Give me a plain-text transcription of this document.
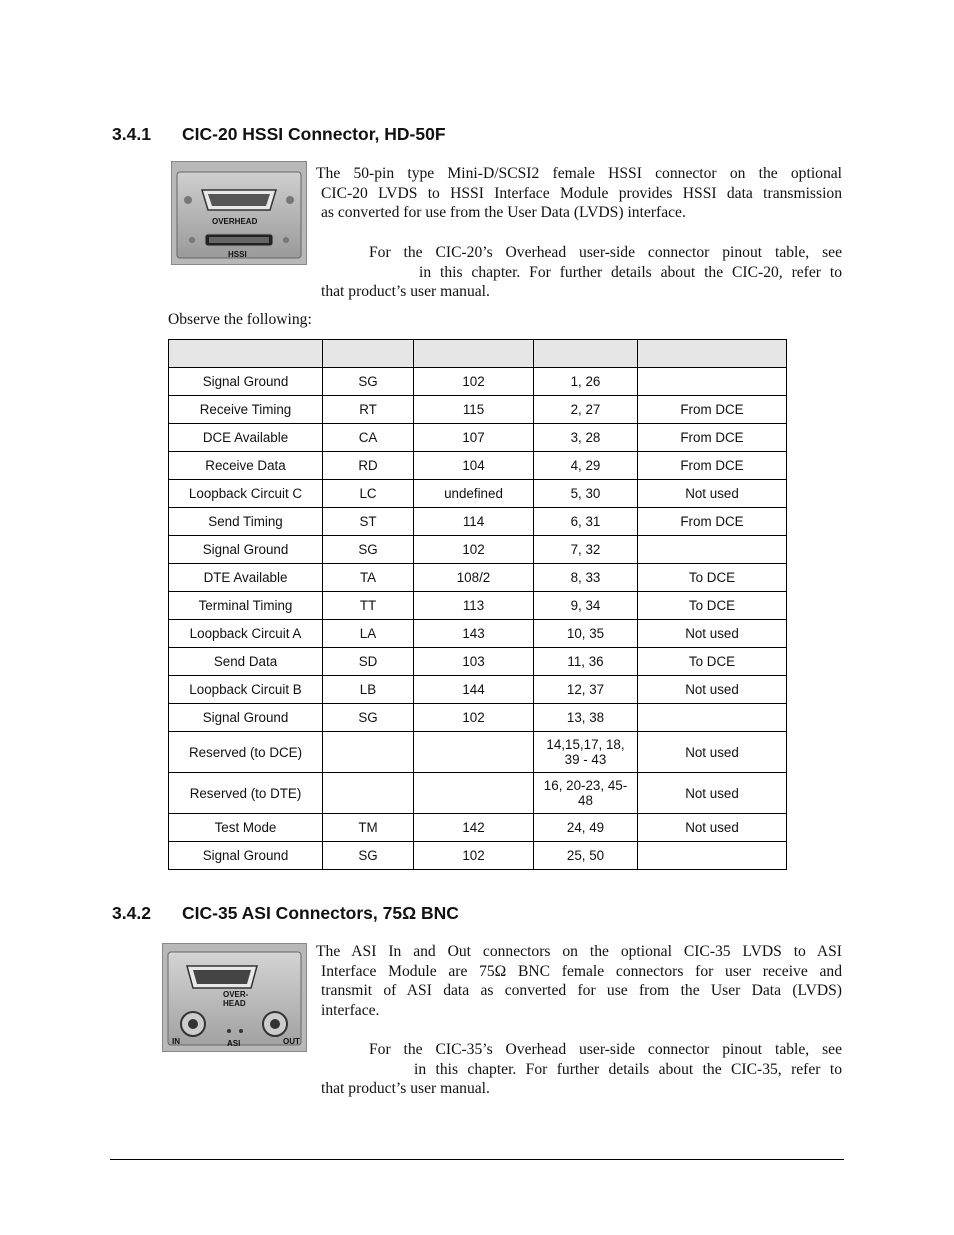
3.4.1 CIC-20 HSSI Connector, HD-50F
OVERHEAD
HSSI

The 50-pin type Mini-D/SCSI2 female HSSI connector on the optional
CIC-20 LVDS to HSSI Interface Module provides HSSI data transmission
as converted for use from the User Data (LVDS) interface.

For the CIC-20’s Overhead user-side connector pinout table, see
in this chapter. For further details about the CIC-20, refer to
that product’s user manual.

Observe the following:

Signal Ground	SG	102	1, 26	
Receive Timing	RT	115	2, 27	From DCE
DCE Available	CA	107	3, 28	From DCE
Receive Data	RD	104	4, 29	From DCE
Loopback Circuit C	LC	undefined	5, 30	Not used
Send Timing	ST	114	6, 31	From DCE
Signal Ground	SG	102	7, 32	
DTE Available	TA	108/2	8, 33	To DCE
Terminal Timing	TT	113	9, 34	To DCE
Loopback Circuit A	LA	143	10, 35	Not used
Send Data	SD	103	11, 36	To DCE
Loopback Circuit B	LB	144	12, 37	Not used
Signal Ground	SG	102	13, 38	
Reserved (to DCE)			14,15,17, 18, 39 - 43	Not used
Reserved (to DTE)			16, 20-23, 45-48	Not used
Test Mode	TM	142	24, 49	Not used
Signal Ground	SG	102	25, 50	
3.4.2 CIC-35 ASI Connectors, 75Ω BNC
OVER-
HEAD
IN	ASI	OUT

The ASI In and Out connectors on the optional CIC-35 LVDS to ASI
Interface Module are 75Ω BNC female connectors for user receive and
transmit of ASI data as converted for use from the User Data (LVDS)
interface.

For the CIC-35’s Overhead user-side connector pinout table, see
in this chapter. For further details about the CIC-35, refer to
that product’s user manual.
